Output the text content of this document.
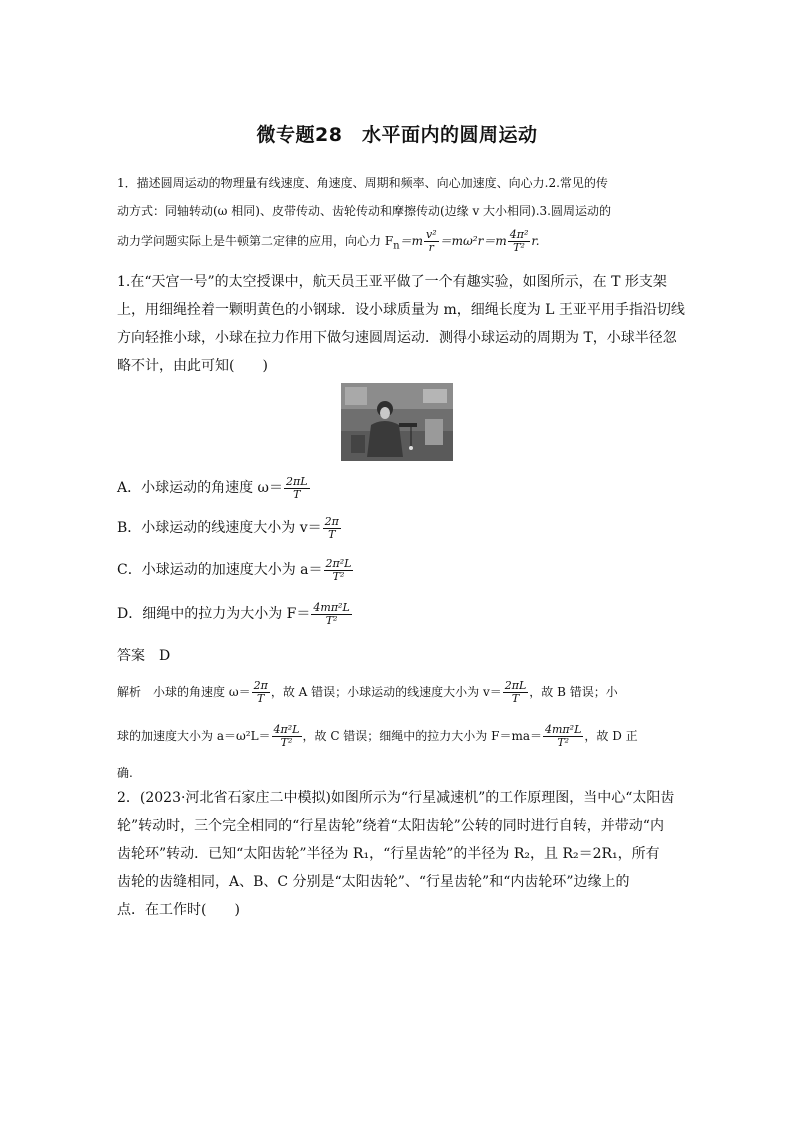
微专题28　水平面内的圆周运动
1．描述圆周运动的物理量有线速度、角速度、周期和频率、向心加速度、向心力.2.常见的传
动方式：同轴转动(ω 相同)、皮带传动、齿轮传动和摩擦传动(边缘 v 大小相同).3.圆周运动的
动力学问题实际上是牛顿第二定律的应用，向心力 $F_n=m \frac{\text{v²}}{r} =m\omega^2r=m \frac{\text{4π²}}{\text{T²}} r$.
1.在“天宫一号”的太空授课中，航天员王亚平做了一个有趣实验，如图所示，在 T 形支架
上，用细绳拴着一颗明黄色的小钢球．设小球质量为 m，细绳长度为 L 王亚平用手指沿切线
方向轻推小球，小球在拉力作用下做匀速圆周运动．测得小球运动的周期为 T，小球半径忽
略不计，由此可知(　　)
A．小球运动的角速度 $\omega= \frac{2\pi L}{T}$
B．小球运动的线速度大小为 $v= \frac{2\pi}{T}$
C．小球运动的加速度大小为 $a= \frac{\text{2π²L}}{\text{T²}}$
D．细绳中的拉力为大小为 $F= \frac{\text{4mπ²L}}{\text{T²}}$
答案　D
解析　小球的角速度 $\omega= \frac{2\pi}{T}$ ，故 A 错误；小球运动的线速度大小为 $v= \frac{2\pi L}{T}$ ，故 B 错误；小
球的加速度大小为 $a=\omega^2L= \frac{\text{4π²L}}{\text{T²}}$ ，故 C 错误；细绳中的拉力大小为 $F=ma= \frac{\text{4mπ²L}}{\text{T²}}$ ，故 D 正
确.
2．(2023·河北省石家庄二中模拟)如图所示为“行星减速机”的工作原理图，当中心“太阳齿
轮”转动时，三个完全相同的“行星齿轮”绕着“太阳齿轮”公转的同时进行自转，并带动“内
齿轮环”转动．已知“太阳齿轮”半径为 R₁，“行星齿轮”的半径为 R₂，且 R₂＝2R₁，所有
齿轮的齿缝相同，A、B、C 分别是“太阳齿轮”、“行星齿轮”和“内齿轮环”边缘上的
点．在工作时(　　)
